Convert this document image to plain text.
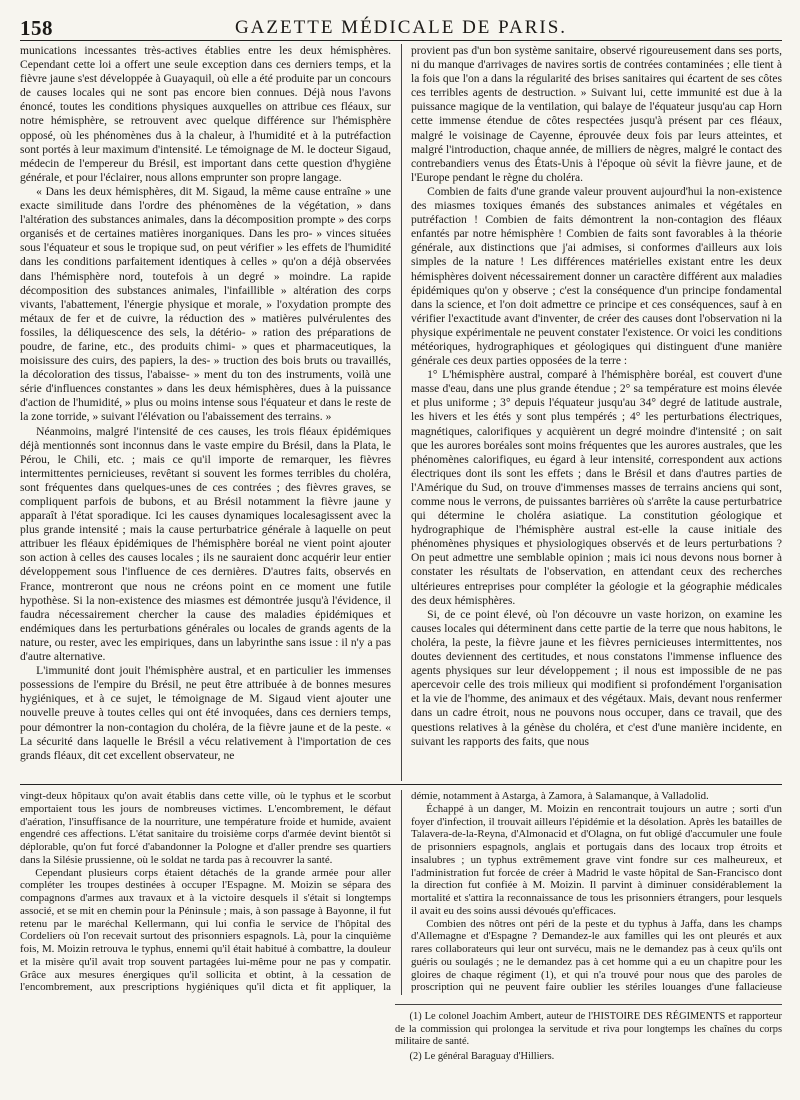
158	GAZETTE MÉDICALE DE PARIS.

munications incessantes très-actives établies entre les deux hémisphères. Cependant cette loi a offert une seule exception dans ces derniers temps, et la fièvre jaune s'est développée à Guayaquil, où elle a été produite par un concours de causes locales qui ne sont pas encore bien connues. Déjà nous l'avons énoncé, toutes les conditions physiques auxquelles on attribue ces fléaux, sur notre hémisphère, se retrouvent avec quelque différence sur l'hémisphère opposé, où les phénomènes dus à la chaleur, à l'humidité et à la putréfaction sont portés à leur maximum d'intensité. Le témoignage de M. le docteur Sigaud, médecin de l'empereur du Brésil, est important dans cette question d'hygiène générale, et pour l'éclairer, nous allons emprunter son propre langage.

« Dans les deux hémisphères, dit M. Sigaud, la même cause entraîne » une exacte similitude dans l'ordre des phénomènes de la végétation, » dans l'altération des substances animales, dans la décomposition prompte » des corps organisés et de certaines matières inorganiques. Dans les pro- » vinces situées sous l'équateur et sous le tropique sud, on peut vérifier » les effets de l'humidité dans les conditions parfaitement identiques à celles » qu'on a déjà observées dans l'hémisphère nord, toutefois à un degré » moindre. La rapide décomposition des substances animales, l'infaillible » altération des corps vivants, l'abattement, l'énergie physique et morale, » l'oxydation prompte des métaux de fer et de cuivre, la réduction des » matières pulvérulentes des fossiles, la déliquescence des sels, la détério- » ration des préparations de poudre, de farine, etc., des produits chimi- » ques et pharmaceutiques, la moisissure des cuirs, des papiers, la des- » truction des bois bruts ou travaillés, la décoloration des tissus, l'abaisse- » ment du ton des instruments, voilà une série d'influences constantes » dans les deux hémisphères, dues à la puissance d'action de l'humidité, » plus ou moins intense sous l'équateur et dans le reste de la zone torride, » suivant l'élévation ou l'abaissement des terrains. »

Néanmoins, malgré l'intensité de ces causes, les trois fléaux épidémiques déjà mentionnés sont inconnus dans le vaste empire du Brésil, dans la Plata, le Pérou, le Chili, etc. ; mais ce qu'il importe de remarquer, les fièvres intermittentes pernicieuses, revêtant si souvent les formes terribles du choléra, sont fréquentes dans quelques-unes de ces contrées ; des fièvres graves, se compliquent parfois de bubons, et au Brésil notamment la fièvre jaune y apparaît à l'état sporadique. Ici les causes dynamiques localesagissent avec la plus grande intensité ; mais la cause perturbatrice générale à laquelle on peut attribuer les fléaux épidémiques de l'hémisphère boréal ne vient point ajouter son action à celles des causes locales ; ils ne sauraient donc acquérir leur entier développement sous l'influence de ces dernières. D'autres faits, observés en France, montreront que nous ne créons point en ce moment une futile hypothèse. Si la non-existence des miasmes est démontrée jusqu'à l'évidence, il faudra nécessairement chercher la cause des maladies épidémiques et endémiques dans les perturbations générales ou locales de grands agents de la nature, ou rester, avec les empiriques, dans un labyrinthe sans issue : il n'y a pas d'autre alternative.

L'immunité dont jouit l'hémisphère austral, et en particulier les immenses possessions de l'empire du Brésil, ne peut être attribuée à de bonnes mesures hygiéniques, et à ce sujet, le témoignage de M. Sigaud vient ajouter une nouvelle preuve à toutes celles qui ont été invoquées, dans ces derniers temps, pour démontrer la non-contagion du choléra, de la fièvre jaune et de la peste. « La sécurité dans laquelle le Brésil a vécu relativement à l'importation de ces grands fléaux, dit cet excellent observateur, ne

provient pas d'un bon système sanitaire, observé rigoureusement dans ses ports, ni du manque d'arrivages de navires sortis de contrées contaminées ; elle tient à la fois que l'on a dans la régularité des brises sanitaires qui écartent de ses côtes ces terribles agents de destruction. » Suivant lui, cette immunité est due à la puissance magique de la ventilation, qui balaye de l'équateur jusqu'au cap Horn cette immense étendue de côtes respectées jusqu'à présent par ces fléaux, malgré le voisinage de Cayenne, éprouvée deux fois par leurs atteintes, et malgré l'introduction, chaque année, de milliers de nègres, malgré le contact des contrebandiers venus des États-Unis à l'époque où sévit la fièvre jaune, et de l'Europe pendant le règne du choléra.

Combien de faits d'une grande valeur prouvent aujourd'hui la non-existence des miasmes toxiques émanés des substances animales et végétales en putréfaction ! Combien de faits démontrent la non-contagion des fléaux enfantés par notre hémisphère ! Combien de faits sont favorables à la théorie générale, aux distinctions que j'ai admises, si conformes d'ailleurs aux lois simples de la nature ! Les différences matérielles existant entre les deux hémisphères doivent nécessairement donner un caractère différent aux maladies épidémiques qu'on y observe ; c'est la conséquence d'un principe fondamental dans la science, et l'on doit admettre ce principe et ces conséquences, sauf à en vérifier l'exactitude avant d'inventer, de créer des causes dont l'observation ni la physique expérimentale ne peuvent constater l'existence. Or voici les conditions météoriques, hydrographiques et géologiques qui distinguent d'une manière générale ces deux parties opposées de la terre :

1° L'hémisphère austral, comparé à l'hémisphère boréal, est couvert d'une masse d'eau, dans une plus grande étendue ; 2° sa température est moins élevée et plus uniforme ; 3° depuis l'équateur jusqu'au 34° degré de latitude australe, les hivers et les étés y sont plus tempérés ; 4° les perturbations électriques, magnétiques, calorifiques y acquièrent un degré moindre d'intensité ; on sait que les aurores boréales sont moins fréquentes que les aurores australes, que les phénomènes calorifiques, eu égard à leur intensité, correspondent aux actions électriques dont ils sont les effets ; dans le Brésil et dans d'autres parties de l'Amérique du Sud, on trouve d'immenses masses de terrains anciens qui sont, comme nous le verrons, de puissantes barrières où s'arrête la cause perturbatrice qui détermine le choléra asiatique. La constitution géologique et hydrographique de l'hémisphère austral est-elle la cause initiale des phénomènes physiques et physiologiques observés et de leurs perturbations ? On peut admettre une semblable opinion ; mais ici nous devons nous borner à constater les résultats de l'observation, en attendant ceux des recherches ultérieures entreprises pour compléter la géologie et la géographie médicales des deux hémisphères.

Si, de ce point élevé, où l'on découvre un vaste horizon, on examine les causes locales qui déterminent dans cette partie de la terre que nous habitons, le choléra, la peste, la fièvre jaune et les fièvres pernicieuses intermittentes, nos doutes deviennent des certitudes, et nous constatons l'immense influence des agents physiques sur leur développement ; il nous est impossible de ne pas apercevoir celle des trois milieux qui modifient si profondément l'organisation et la vie de l'homme, des animaux et des végétaux. Mais, devant nous renfermer dans un cadre étroit, nous ne pouvons nous occuper, dans ce travail, que des questions relatives à la génèse du choléra, et c'est d'une manière incidente, en suivant les rapports des faits, que nous

vingt-deux hôpitaux qu'on avait établis dans cette ville, où le typhus et le scorbut emportaient tous les jours de nombreuses victimes. L'encombrement, le défaut d'aération, l'insuffisance de la nourriture, une température froide et humide, avaient engendré ces affections. L'état sanitaire du troisième corps d'armée devint bientôt si déplorable, qu'on fut forcé d'abandonner la Pologne et d'aller prendre ses quartiers dans la Silésie prussienne, où le soldat ne tarda pas à recouvrer la santé.

Cependant plusieurs corps étaient détachés de la grande armée pour aller compléter les troupes destinées à occuper l'Espagne. M. Moizin se sépara des compagnons d'armes aux travaux et à la victoire desquels il s'était si longtemps associé, et se mit en chemin pour la Péninsule ; mais, à son passage à Bayonne, il fut retenu par le maréchal Kellermann, qui lui confia le service de l'hôpital des Cordeliers où l'on recevait surtout des prisonniers espagnols. Là, pour la cinquième fois, M. Moizin retrouva le typhus, ennemi qu'il était habitué à combattre, la douleur et la misère qu'il avait trop souvent partagées lui-même pour ne pas y compatir. Grâce aux mesures énergiques qu'il sollicita et obtint, à la cessation de l'encombrement, aux prescriptions hygiéniques qu'il dicta et fit appliquer, la

démie, notamment à Astarga, à Zamora, à Salamanque, à Valladolid.

Échappé à un danger, M. Moizin en rencontrait toujours un autre ; sorti d'un foyer d'infection, il trouvait ailleurs l'épidémie et la désolation. Après les batailles de Talavera-de-la-Reyna, d'Almonacid et d'Olagna, on fut obligé d'accumuler une foule de prisonniers espagnols, anglais et portugais dans des locaux trop étroits et insalubres ; un typhus extrêmement grave vint fondre sur ces malheureux, et l'administration fut forcée de créer à Madrid le vaste hôpital de San-Francisco dont la direction fut confiée à M. Moizin. Il parvint à diminuer considérablement la mortalité et s'attira la reconnaissance de tous les prisonniers étrangers, pour lesquels il avait eu des soins aussi dévoués qu'efficaces.

Combien des nôtres ont péri de la peste et du typhus à Jaffa, dans les champs d'Allemagne et d'Espagne ? Demandez-le aux familles qui les ont pleurés et aux rares collaborateurs qui leur ont survécu, mais ne le demandez pas à ceux qu'ils ont guéris ou soulagés ; ne le demandez pas à cet homme qui a eu un chapitre pour les gloires de chaque régiment (1), et qui n'a trouvé pour nous que des paroles de proscription qui ne peuvent faire oublier les stériles louanges d'une fallacieuse

(1) Le colonel Joachim Ambert, auteur de l'HISTOIRE DES RÉGIMENTS et rapporteur de la commission qui prolongea la servitude et riva pour longtemps les chaînes du corps militaire de santé.

(2) Le général Baraguay d'Hilliers.
